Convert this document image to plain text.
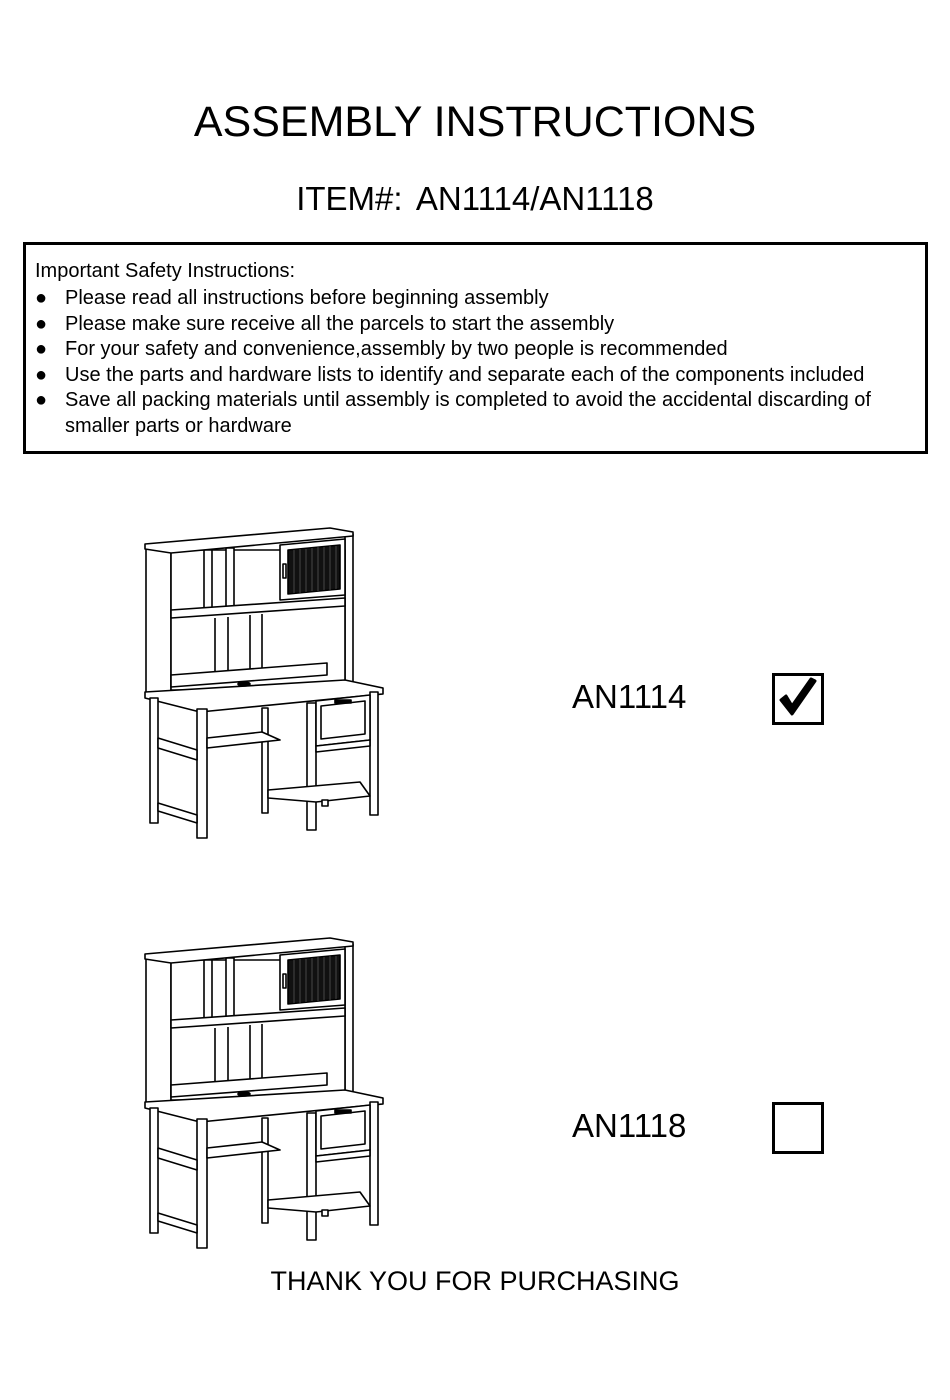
ASSEMBLY INSTRUCTIONS
ITEM#: AN1114/AN1118
Important Safety Instructions:
● Please read all instructions before beginning assembly
● Please make sure receive all the parcels to start the assembly
● For your safety and convenience,assembly by two people is recommended
● Use the parts and hardware lists to identify and separate each of the components included
● Save all packing materials until assembly is completed to avoid the accidental discarding of smaller parts or hardware
AN1114
AN1118
THANK YOU FOR PURCHASING
